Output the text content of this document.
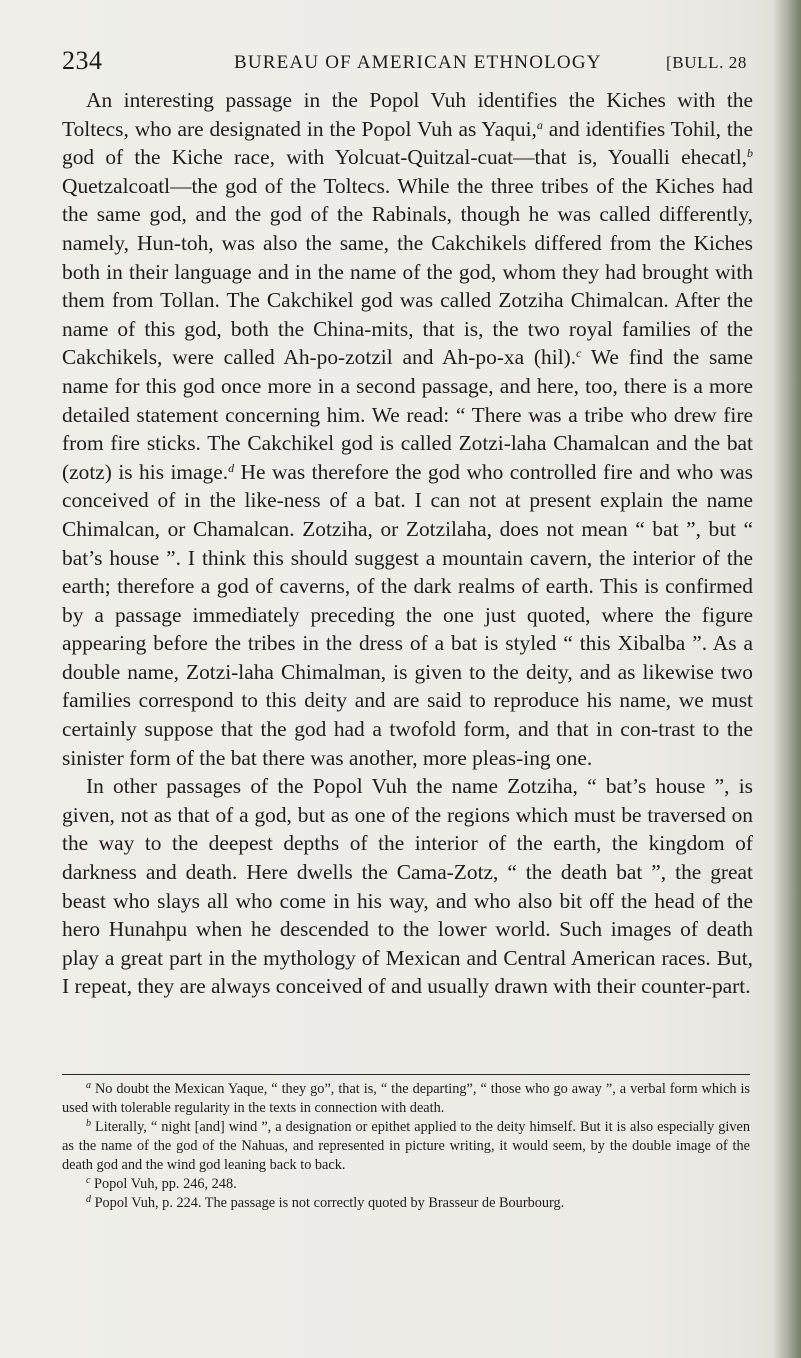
234	BUREAU OF AMERICAN ETHNOLOGY	[BULL. 28

An interesting passage in the Popol Vuh identifies the Kiches with the Toltecs, who are designated in the Popol Vuh as Yaqui,$^a$ and identifies Tohil, the god of the Kiche race, with Yolcuat-Quitzal-cuat—that is, Youalli ehecatl,$^b$ Quetzalcoatl—the god of the Toltecs. While the three tribes of the Kiches had the same god, and the god of the Rabinals, though he was called differently, namely, Hun-toh, was also the same, the Cakchikels differed from the Kiches both in their language and in the name of the god, whom they had brought with them from Tollan. The Cakchikel god was called Zotziha Chimalcan. After the name of this god, both the China-mits, that is, the two royal families of the Cakchikels, were called Ah-po-zotzil and Ah-po-xa (hil).$^c$ We find the same name for this god once more in a second passage, and here, too, there is a more detailed statement concerning him. We read: “ There was a tribe who drew fire from fire sticks. The Cakchikel god is called Zotzi-laha Chamalcan and the bat (zotz) is his image.$^d$ He was therefore the god who controlled fire and who was conceived of in the like-ness of a bat. I can not at present explain the name Chimalcan, or Chamalcan. Zotziha, or Zotzilaha, does not mean “ bat ”, but “ bat’s house ”. I think this should suggest a mountain cavern, the interior of the earth; therefore a god of caverns, of the dark realms of earth. This is confirmed by a passage immediately preceding the one just quoted, where the figure appearing before the tribes in the dress of a bat is styled “ this Xibalba ”. As a double name, Zotzi-laha Chimalman, is given to the deity, and as likewise two families correspond to this deity and are said to reproduce his name, we must certainly suppose that the god had a twofold form, and that in con-trast to the sinister form of the bat there was another, more pleas-ing one.

In other passages of the Popol Vuh the name Zotziha, “ bat’s house ”, is given, not as that of a god, but as one of the regions which must be traversed on the way to the deepest depths of the interior of the earth, the kingdom of darkness and death. Here dwells the Cama-Zotz, “ the death bat ”, the great beast who slays all who come in his way, and who also bit off the head of the hero Hunahpu when he descended to the lower world. Such images of death play a great part in the mythology of Mexican and Central American races. But, I repeat, they are always conceived of and usually drawn with their counter-part.

$^a$ No doubt the Mexican Yaque, “ they go”, that is, “ the departing”, “ those who go away ”, a verbal form which is used with tolerable regularity in the texts in connection with death.

$^b$ Literally, “ night [and] wind ”, a designation or epithet applied to the deity himself. But it is also especially given as the name of the god of the Nahuas, and represented in picture writing, it would seem, by the double image of the death god and the wind god leaning back to back.

$^c$ Popol Vuh, pp. 246, 248.

$^d$ Popol Vuh, p. 224. The passage is not correctly quoted by Brasseur de Bourbourg.
